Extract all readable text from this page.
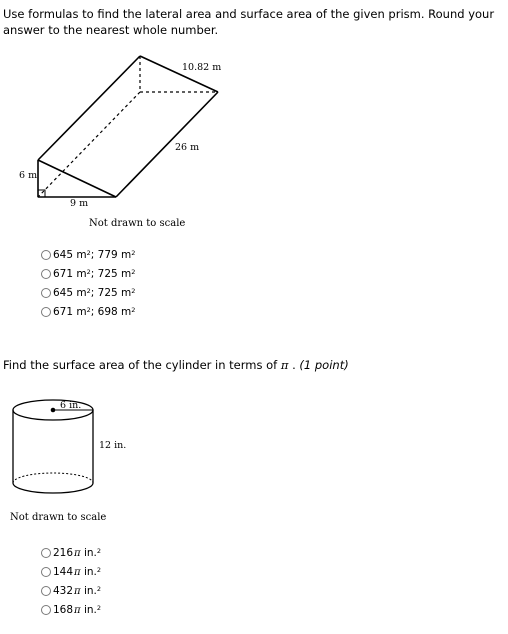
Use formulas to find the lateral area and surface area of the given prism. Round your answer to the nearest whole number.
10.82 m
26 m
6 m
9 m
Not drawn to scale
645 $m^2$; 779 $m^2$
671 $m^2$; 725 $m^2$
645 $m^2$; 725 $m^2$
671 $m^2$; 698 $m^2$
Find the surface area of the cylinder in terms of π . (1 point)
6 in.
12 in.
Not drawn to scale
216π in.$^2$
144π in.$^2$
432π in.$^2$
168π in.$^2$
